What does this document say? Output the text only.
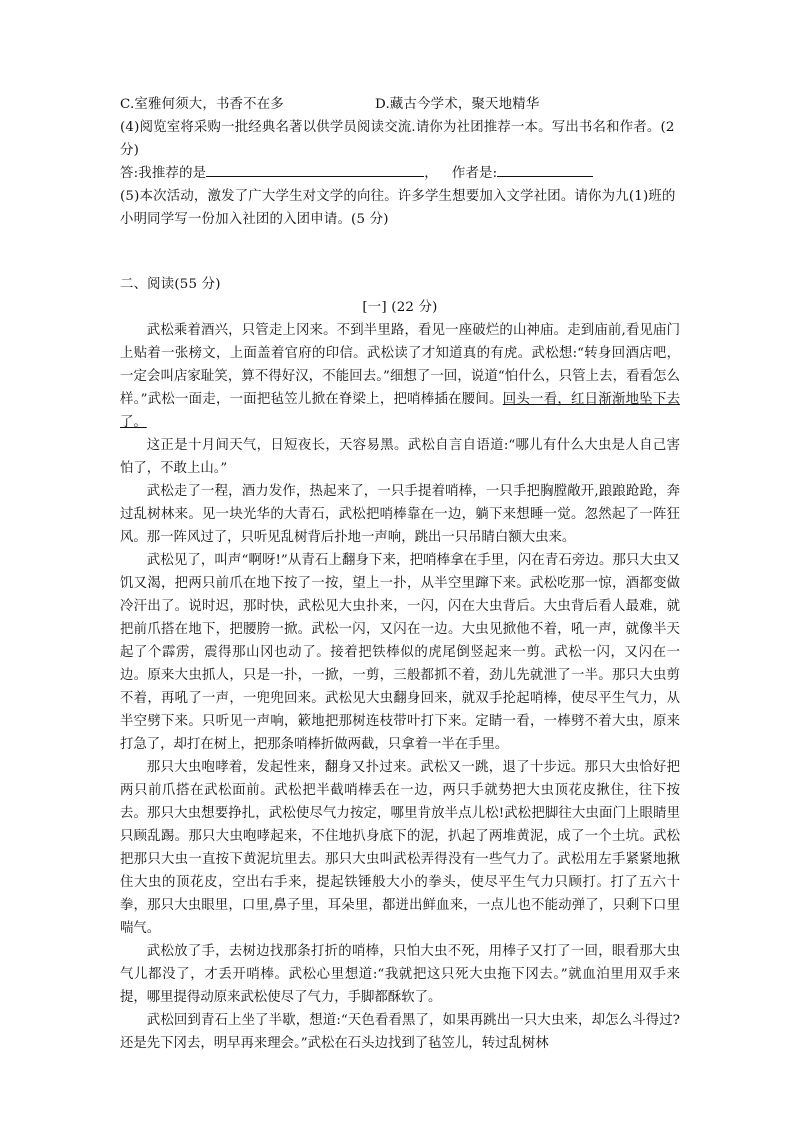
C.室雅何须大，书香不在多	D.藏古今学术，聚天地精华
(4)阅览室将采购一批经典名著以供学员阅读交流.请你为社团推荐一本。写出书名和作者。(2 分)
答:我推荐的是	， 作者是:
(5)本次活动，激发了广大学生对文学的向往。许多学生想要加入文学社团。请你为九(1)班的小明同学写一份加入社团的入团申请。(5 分)
二、阅读(55 分)
[一] (22 分)
武松乘着酒兴，只管走上冈来。不到半里路，看见一座破烂的山神庙。走到庙前,看见庙门上贴着一张榜文，上面盖着官府的印信。武松读了才知道真的有虎。武松想:“转身回酒店吧，一定会叫店家耻笑，算不得好汉，不能回去。”细想了一回，说道“怕什么，只管上去，看看怎么样。”武松一面走，一面把毡笠儿掀在脊梁上，把哨棒插在腰间。回头一看，红日渐渐地坠下去了。
这正是十月间天气，日短夜长，天容易黑。武松自言自语道:“哪儿有什么大虫是人自己害怕了，不敢上山。”
武松走了一程，酒力发作，热起来了，一只手提着哨棒，一只手把胸膛敞开,踉踉跄跄，奔过乱树林来。见一块光华的大青石，武松把哨棒靠在一边，躺下来想睡一觉。忽然起了一阵狂风。那一阵风过了，只听见乱树背后扑地一声响，跳出一只吊睛白额大虫来。
武松见了，叫声“啊呀!”从青石上翻身下来，把哨棒拿在手里，闪在青石旁边。那只大虫又饥又渴，把两只前爪在地下按了一按，望上一扑，从半空里蹿下来。武松吃那一惊，酒都变做冷汗出了。说时迟，那时快，武松见大虫扑来，一闪，闪在大虫背后。大虫背后看人最难，就把前爪搭在地下，把腰胯一掀。武松一闪，又闪在一边。大虫见掀他不着，吼一声，就像半天起了个霹雳，震得那山冈也动了。接着把铁棒似的虎尾倒竖起来一剪。武松一闪，又闪在一边。原来大虫抓人，只是一扑，一掀，一剪，三般都抓不着，劲儿先就泄了一半。那只大虫剪不着，再吼了一声，一兜兜回来。武松见大虫翻身回来，就双手抡起哨棒，使尽平生气力，从半空劈下来。只听见一声响，簌地把那树连枝带叶打下来。定睛一看，一棒劈不着大虫，原来打急了，却打在树上，把那条哨棒折做两截，只拿着一半在手里。
那只大虫咆哮着，发起性来，翻身又扑过来。武松又一跳，退了十步远。那只大虫恰好把两只前爪搭在武松面前。武松把半截哨棒丢在一边，两只手就势把大虫顶花皮揪住，往下按去。那只大虫想要挣扎，武松使尽气力按定，哪里肯放半点儿松!武松把脚往大虫面门上眼睛里只顾乱踢。那只大虫咆哮起来，不住地扒身底下的泥，扒起了两堆黄泥，成了一个土坑。武松把那只大虫一直按下黄泥坑里去。那只大虫叫武松弄得没有一些气力了。武松用左手紧紧地揪住大虫的顶花皮，空出右手来，提起铁锤般大小的拳头，使尽平生气力只顾打。打了五六十拳，那只大虫眼里，口里,鼻子里，耳朵里，都迸出鲜血来，一点儿也不能动弹了，只剩下口里喘气。
武松放了手，去树边找那条打折的哨棒，只怕大虫不死，用棒子又打了一回，眼看那大虫气儿都没了，才丢开哨棒。武松心里想道:“我就把这只死大虫拖下冈去。”就血泊里用双手来提，哪里提得动原来武松使尽了气力，手脚都酥软了。
武松回到青石上坐了半歇，想道:“天色看看黑了，如果再跳出一只大虫来，却怎么斗得过?还是先下冈去，明早再来理会。”武松在石头边找到了毡笠儿，转过乱树林
